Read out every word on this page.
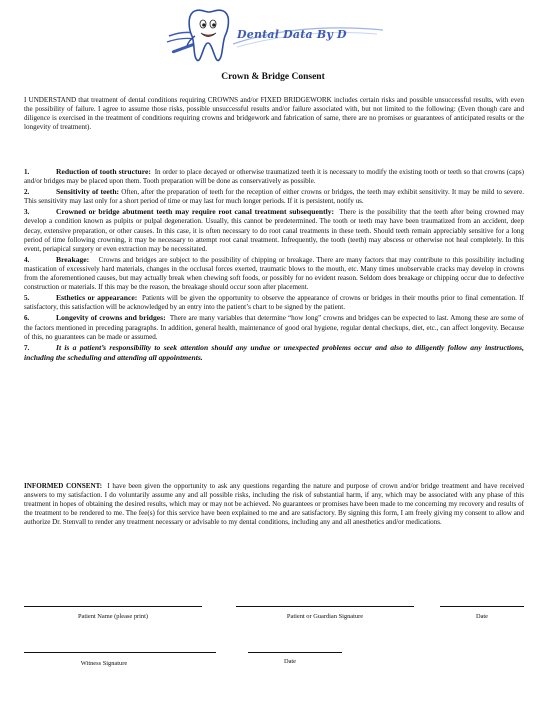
Dental Data By D
Crown & Bridge Consent
I UNDERSTAND that treatment of dental conditions requiring CROWNS and/or FIXED BRIDGEWORK includes certain risks and possible unsuccessful results, with even the possibility of failure. I agree to assume those risks, possible unsuccessful results and/or failure associated with, but not limited to the following: (Even though care and diligence is exercised in the treatment of conditions requiring crowns and bridgework and fabrication of same, there are no promises or guarantees of anticipated results or the longevity of treatment).
1.	Reduction of tooth structure: In order to place decayed or otherwise traumatized teeth it is necessary to modify the existing tooth or teeth so that crowns (caps) and/or bridges may be placed upon them. Tooth preparation will be done as conservatively as possible.
2.	Sensitivity of teeth: Often, after the preparation of teeth for the reception of either crowns or bridges, the teeth may exhibit sensitivity. It may be mild to severe. This sensitivity may last only for a short period of time or may last for much longer periods. If it is persistent, notify us.
3.	Crowned or bridge abutment teeth may require root canal treatment subsequently: There is the possibility that the teeth after being crowned may develop a condition known as pulpits or pulpal degeneration. Usually, this cannot be predetermined. The tooth or teeth may have been traumatized from an accident, deep decay, extensive preparation, or other causes. In this case, it is often necessary to do root canal treatments in these teeth. Should teeth remain appreciably sensitive for a long period of time following crowning, it may be necessary to attempt root canal treatment. Infrequently, the tooth (teeth) may abscess or otherwise not heal completely. In this event, periapical surgery or even extraction may be necessitated.
4.	Breakage: Crowns and bridges are subject to the possibility of chipping or breakage. There are many factors that may contribute to this possibility including mastication of excessively hard materials, changes in the occlusal forces exerted, traumatic blows to the mouth, etc. Many times unobservable cracks may develop in crowns from the aforementioned causes, but may actually break when chewing soft foods, or possibly for no evident reason. Seldom does breakage or chipping occur due to defective construction or materials. If this may be the reason, the breakage should occur soon after placement.
5.	Esthetics or appearance: Patients will be given the opportunity to observe the appearance of crowns or bridges in their mouths prior to final cementation. If satisfactory, this satisfaction will be acknowledged by an entry into the patient’s chart to be signed by the patient.
6.	Longevity of crowns and bridges: There are many variables that determine “how long” crowns and bridges can be expected to last. Among these are some of the factors mentioned in preceding paragraphs. In addition, general health, maintenance of good oral hygiene, regular dental checkups, diet, etc., can affect longevity. Because of this, no guarantees can be made or assumed.
7.	It is a patient’s responsibility to seek attention should any undue or unexpected problems occur and also to diligently follow any instructions, including the scheduling and attending all appointments.
INFORMED CONSENT: I have been given the opportunity to ask any questions regarding the nature and purpose of crown and/or bridge treatment and have received answers to my satisfaction. I do voluntarily assume any and all possible risks, including the risk of substantial harm, if any, which may be associated with any phase of this treatment in hopes of obtaining the desired results, which may or may not be achieved. No guarantees or promises have been made to me concerning my recovery and results of the treatment to be rendered to me. The fee(s) for this service have been explained to me and are satisfactory. By signing this form, I am freely giving my consent to allow and authorize Dr. Stenvall to render any treatment necessary or advisable to my dental conditions, including any and all anesthetics and/or medications.
Patient Name (please print)	Patient or Guardian Signature	Date
Witness Signature	Date
